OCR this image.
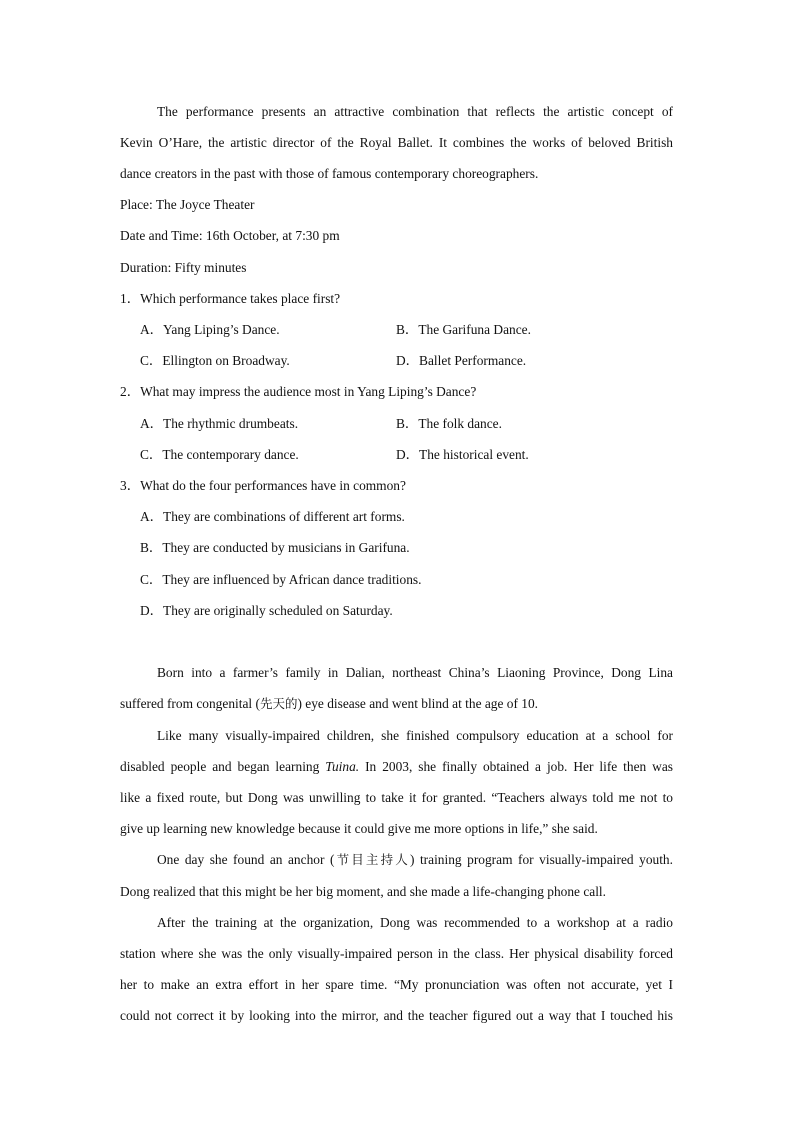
The performance presents an attractive combination that reflects the artistic concept of
Kevin O’Hare, the artistic director of the Royal Ballet. It combines the works of beloved British
dance creators in the past with those of famous contemporary choreographers.
Place: The Joyce Theater
Date and Time: 16th October, at 7:30 pm
Duration: Fifty minutes
1．Which performance takes place first?
A．Yang Liping’s Dance.	B．The Garifuna Dance.
C．Ellington on Broadway.	D．Ballet Performance.
2．What may impress the audience most in Yang Liping’s Dance?
A．The rhythmic drumbeats.	B．The folk dance.
C．The contemporary dance.	D．The historical event.
3．What do the four performances have in common?
A．They are combinations of different art forms.
B．They are conducted by musicians in Garifuna.
C．They are influenced by African dance traditions.
D．They are originally scheduled on Saturday.
Born into a farmer’s family in Dalian, northeast China’s Liaoning Province, Dong Lina
suffered from congenital (先天的) eye disease and went blind at the age of 10.
Like many visually-impaired children, she finished compulsory education at a school for
disabled people and began learning Tuina. In 2003, she finally obtained a job. Her life then was
like a fixed route, but Dong was unwilling to take it for granted. “Teachers always told me not to
give up learning new knowledge because it could give me more options in life,” she said.
One day she found an anchor (节目主持人) training program for visually-impaired youth.
Dong realized that this might be her big moment, and she made a life-changing phone call.
After the training at the organization, Dong was recommended to a workshop at a radio
station where she was the only visually-impaired person in the class. Her physical disability forced
her to make an extra effort in her spare time. “My pronunciation was often not accurate, yet I
could not correct it by looking into the mirror, and the teacher figured out a way that I touched his
